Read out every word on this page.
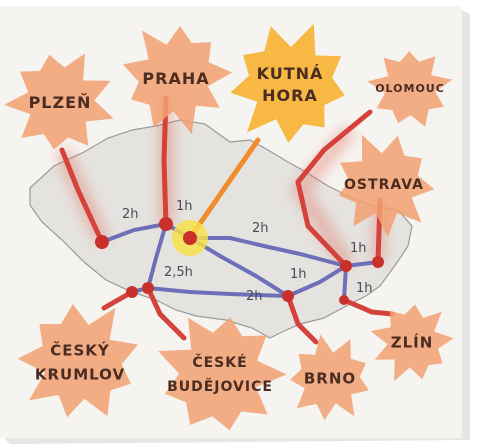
2h
1h
2,5h
2h
1h
2h
1h
1h
PLZEŇ
PRAHA	KUTNÁ
HORA	OLOMOUC
OSTRAVA
ČESKÝ
KRUMLOV
ČESKÉ
BUDĚJOVICE BRNO
ZLÍN
